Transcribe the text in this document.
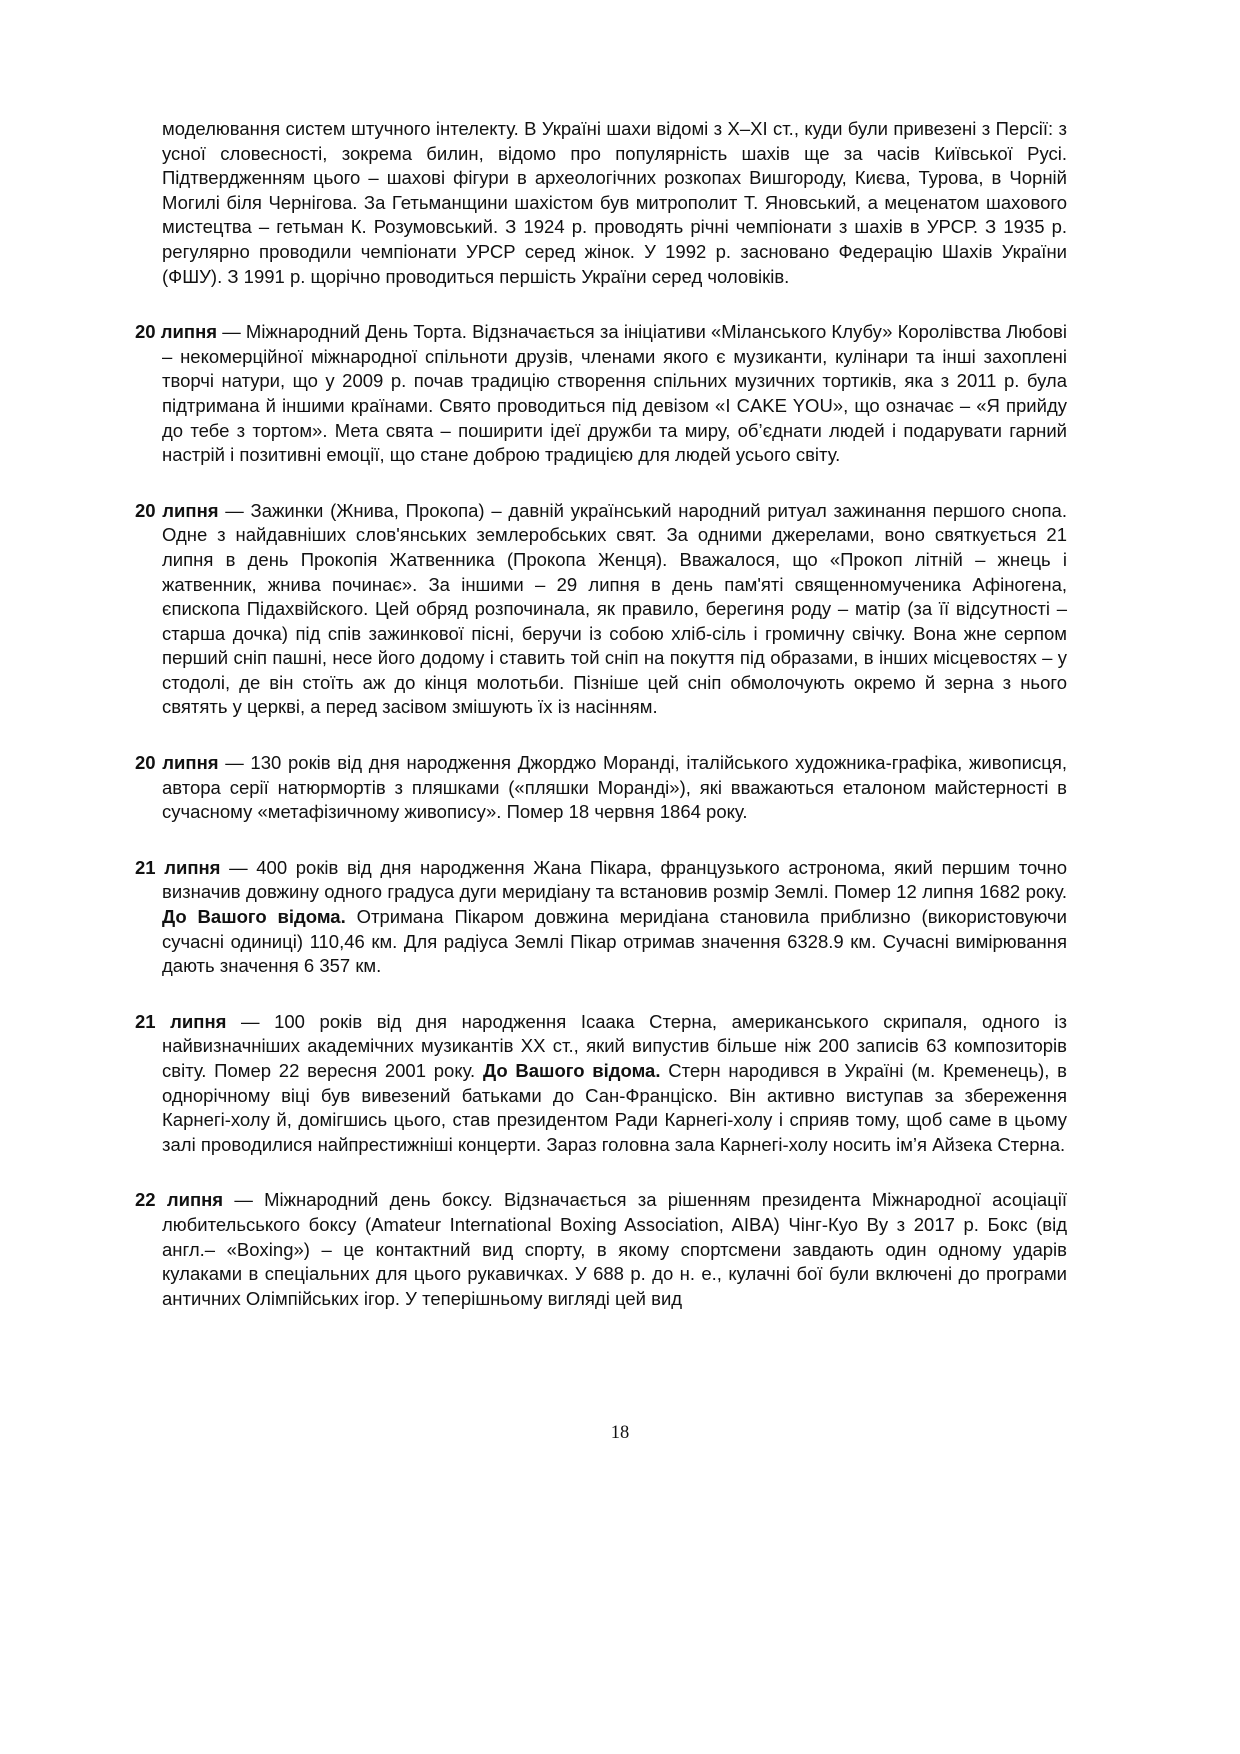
моделювання систем штучного інтелекту. В Україні шахи відомі з X–XI ст., куди були привезені з Персії: з усної словесності, зокрема билин, відомо про популярність шахів ще за часів Київської Русі. Підтвердженням цього – шахові фігури в археологічних розкопах Вишгороду, Києва, Турова, в Чорній Могилі біля Чернігова. За Гетьманщини шахістом був митрополит Т. Яновський, а меценатом шахового мистецтва – гетьман К. Розумовський. З 1924 р. проводять річні чемпіонати з шахів в УРСР. З 1935 р. регулярно проводили чемпіонати УРСР серед жінок. У 1992 р. засновано Федерацію Шахів України (ФШУ). З 1991 р. щорічно проводиться першість України серед чоловіків.

20 липня — Міжнародний День Торта. Відзначається за ініціативи «Міланського Клубу» Королівства Любові – некомерційної міжнародної спільноти друзів, членами якого є музиканти, кулінари та інші захоплені творчі натури, що у 2009 р. почав традицію створення спільних музичних тортиків, яка з 2011 р. була підтримана й іншими країнами. Свято проводиться під девізом «I CAKE YOU», що означає – «Я прийду до тебе з тортом». Мета свята – поширити ідеї дружби та миру, об’єднати людей і подарувати гарний настрій і позитивні емоції, що стане доброю традицією для людей усього світу.

20 липня — Зажинки (Жнива, Прокопа) – давній український народний ритуал зажинання першого снопа. Одне з найдавніших слов'янських землеробських свят. За одними джерелами, воно святкується 21 липня в день Прокопія Жатвенника (Прокопа Женця). Вважалося, що «Прокоп літній – жнець і жатвенник, жнива починає». За іншими – 29 липня в день пам'яті священномученика Афіногена, єпископа Підахвійского. Цей обряд розпочинала, як правило, берегиня роду – матір (за її відсутності – старша дочка) під спів зажинкової пісні, беручи із собою хліб-сіль і громичну свічку. Вона жне серпом перший сніп пашні, несе його додому і ставить той сніп на покуття під образами, в інших місцевостях – у стодолі, де він стоїть аж до кінця молотьби. Пізніше цей сніп обмолочують окремо й зерна з нього святять у церкві, а перед засівом змішують їх із насінням.

20 липня — 130 років від дня народження Джорджо Моранді, італійського художника-графіка, живописця, автора серії натюрмортів з пляшками («пляшки Моранді»), які вважаються еталоном майстерності в сучасному «метафізичному живопису». Помер 18 червня 1864 року.

21 липня — 400 років від дня народження Жана Пікара, французького астронома, який першим точно визначив довжину одного градуса дуги меридіану та встановив розмір Землі. Помер 12 липня 1682 року. До Вашого відома. Отримана Пікаром довжина меридіана становила приблизно (використовуючи сучасні одиниці) 110,46 км. Для радіуса Землі Пікар отримав значення 6328.9 км. Сучасні вимірювання дають значення 6 357 км.

21 липня — 100 років від дня народження Ісаака Стерна, американського скрипаля, одного із найвизначніших академічних музикантів XX ст., який випустив більше ніж 200 записів 63 композиторів світу. Помер 22 вересня 2001 року. До Вашого відома. Стерн народився в Україні (м. Кременець), в однорічному віці був вивезений батьками до Сан-Франціско. Він активно виступав за збереження Карнегі-холу й, домігшись цього, став президентом Ради Карнегі-холу і сприяв тому, щоб саме в цьому залі проводилися найпрестижніші концерти. Зараз головна зала Карнегі-холу носить ім’я Айзека Стерна.

22 липня — Міжнародний день боксу. Відзначається за рішенням президента Міжнародної асоціації любительського боксу (Amateur International Boxing Association, AIBA) Чінг-Куо Ву з 2017 р. Бокс (від англ.– «Boxing») – це контактний вид спорту, в якому спортсмени завдають один одному ударів кулаками в спеціальних для цього рукавичках. У 688 р. до н. е., кулачні бої були включені до програми античних Олімпійських ігор. У теперішньому вигляді цей вид

18
